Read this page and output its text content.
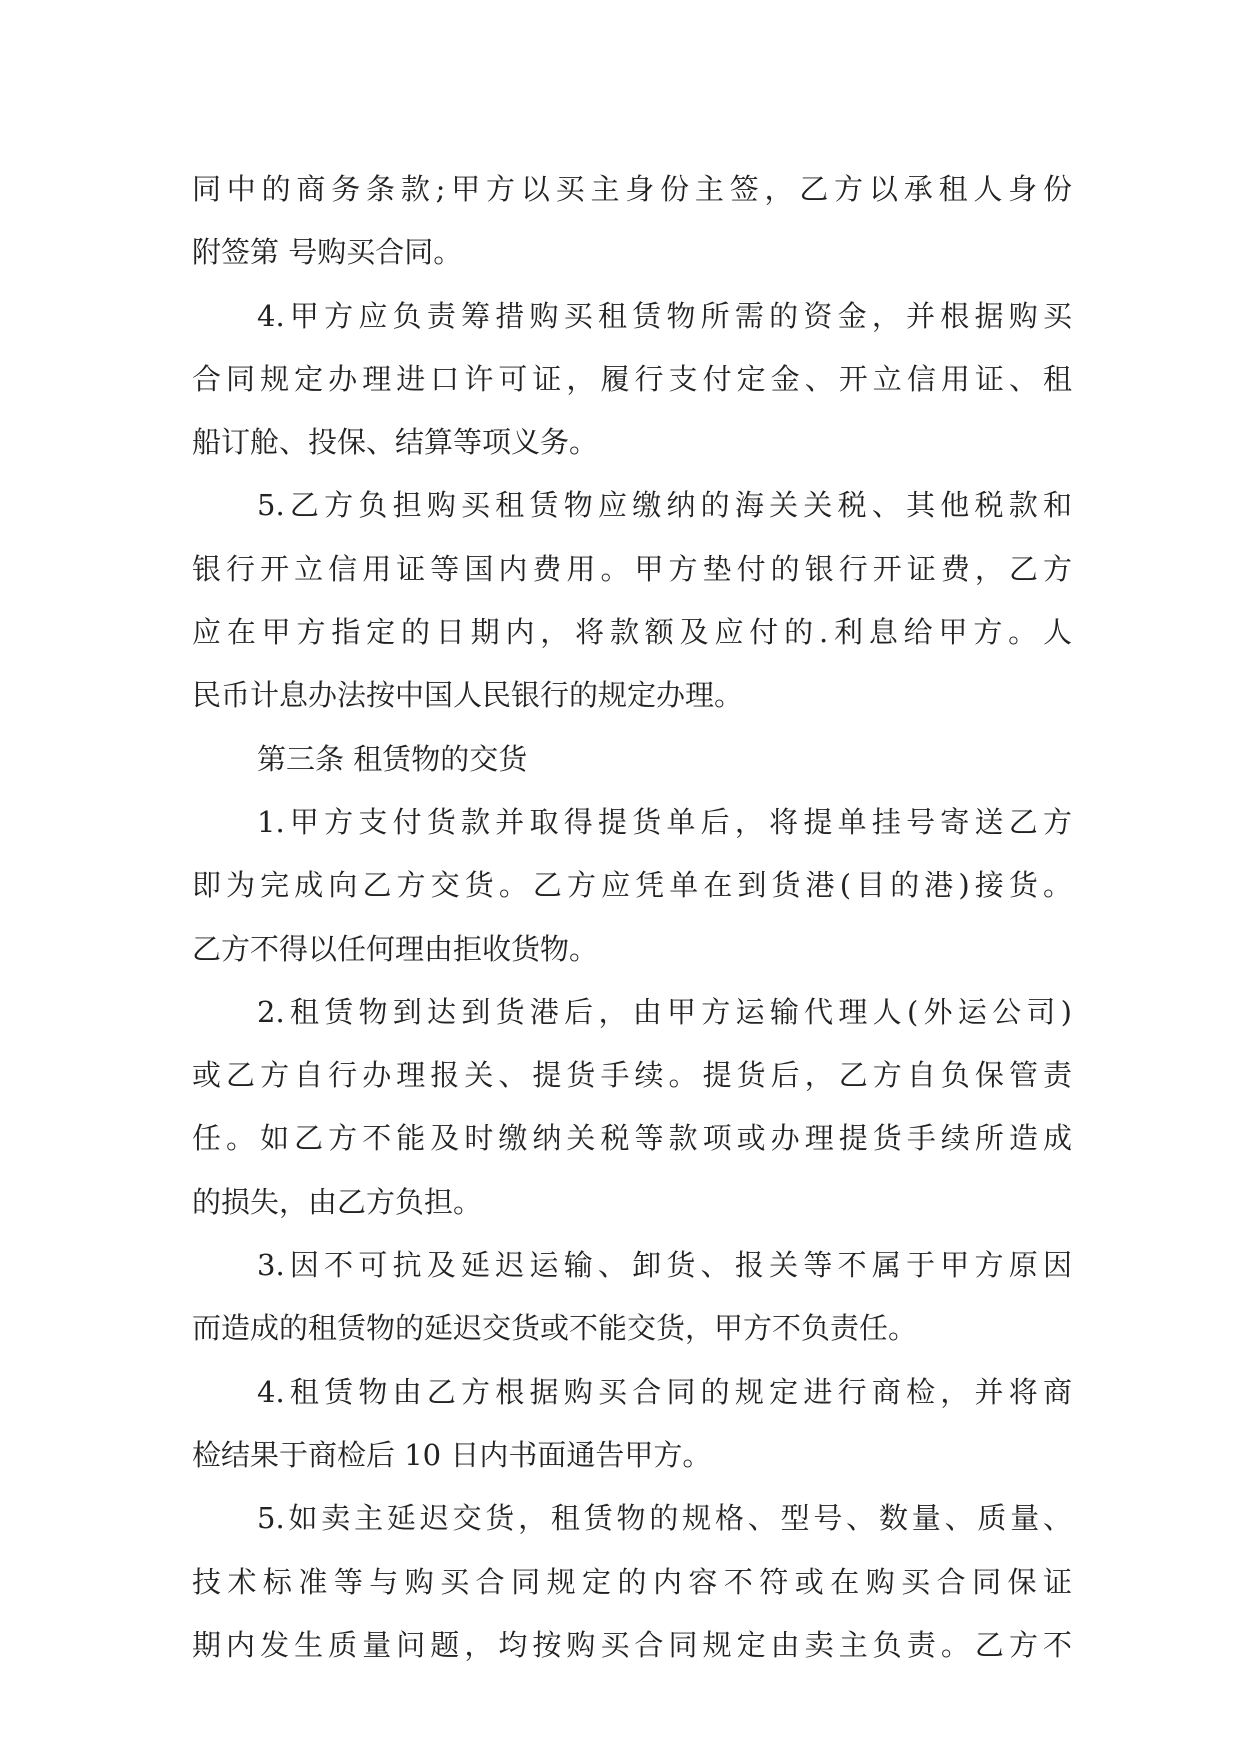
同中的商务条款;甲方以买主身份主签，乙方以承租人身份
附签第 号购买合同。
4.甲方应负责筹措购买租赁物所需的资金，并根据购买
合同规定办理进口许可证，履行支付定金、开立信用证、租
船订舱、投保、结算等项义务。
5.乙方负担购买租赁物应缴纳的海关关税、其他税款和
银行开立信用证等国内费用。甲方垫付的银行开证费，乙方
应在甲方指定的日期内，将款额及应付的.利息给甲方。人
民币计息办法按中国人民银行的规定办理。
第三条 租赁物的交货
1.甲方支付货款并取得提货单后，将提单挂号寄送乙方
即为完成向乙方交货。乙方应凭单在到货港(目的港)接货。
乙方不得以任何理由拒收货物。
2.租赁物到达到货港后，由甲方运输代理人(外运公司)
或乙方自行办理报关、提货手续。提货后，乙方自负保管责
任。如乙方不能及时缴纳关税等款项或办理提货手续所造成
的损失，由乙方负担。
3.因不可抗及延迟运输、卸货、报关等不属于甲方原因
而造成的租赁物的延迟交货或不能交货，甲方不负责任。
4.租赁物由乙方根据购买合同的规定进行商检，并将商
检结果于商检后 10 日内书面通告甲方。
5.如卖主延迟交货，租赁物的规格、型号、数量、质量、
技术标准等与购买合同规定的内容不符或在购买合同保证
期内发生质量问题，均按购买合同规定由卖主负责。乙方不
